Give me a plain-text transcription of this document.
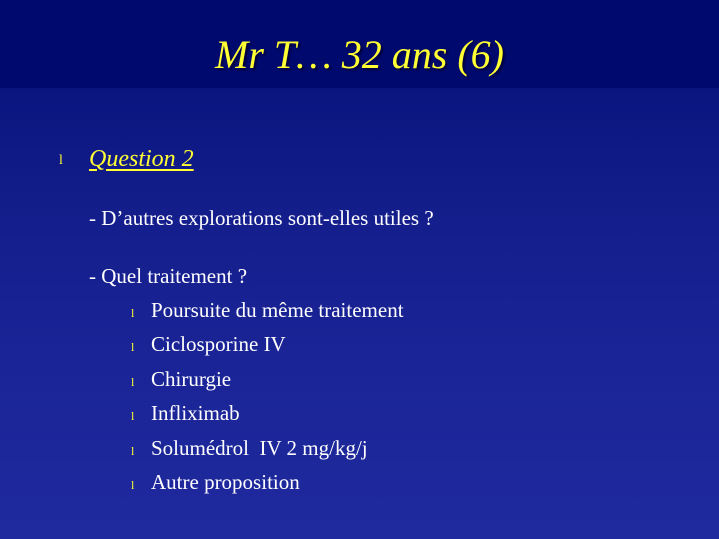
Mr T… 32 ans (6)
l Question 2
- D’autres explorations sont-elles utiles ?
- Quel traitement ?
l Poursuite du même traitement
l Ciclosporine IV
l Chirurgie
l Infliximab
l Solumédrol  IV 2 mg/kg/j
l Autre proposition
